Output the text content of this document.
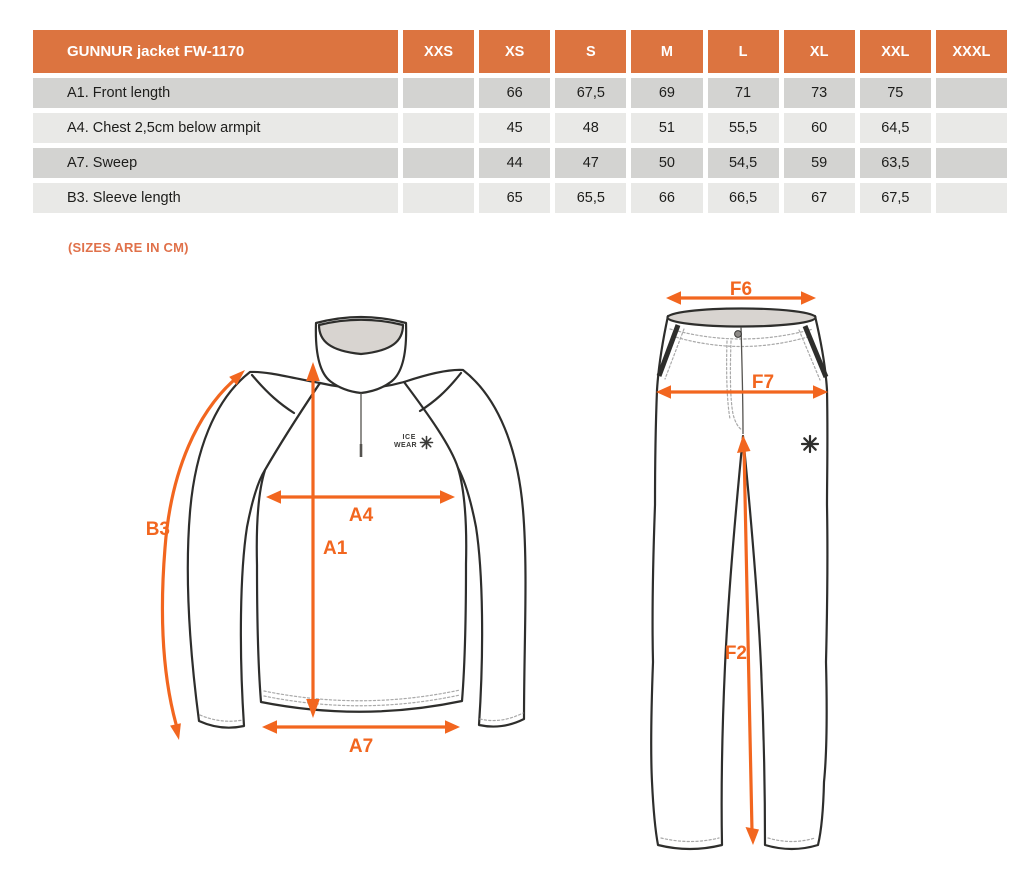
GUNNUR jacket FW-1170	XXS	XS	S	M	L	XL	XXL	XXXL
A1. Front length		66	67,5	69	71	73	75	
A4. Chest 2,5cm below armpit		45	48	51	55,5	60	64,5	
A7. Sweep		44	47	50	54,5	59	63,5	
B3. Sleeve length		65	65,5	66	66,5	67	67,5	
(SIZES ARE IN CM)
ICE
WEAR
B3
A1
A4
A7
F6
F7
F2
